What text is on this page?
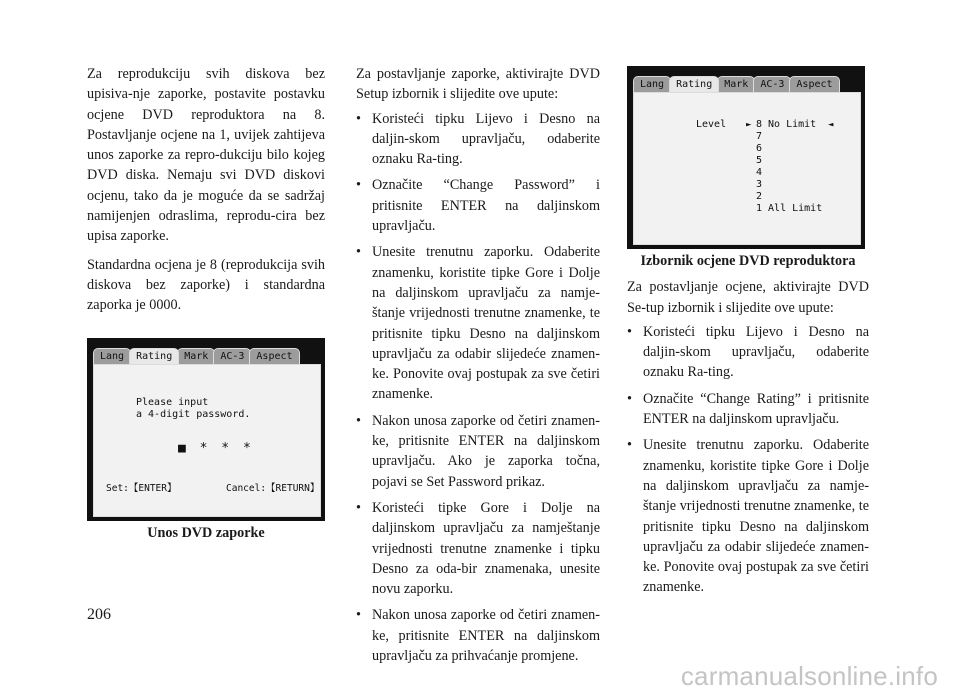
Za reprodukciju svih diskova bez upisiva-nje zaporke, postavite postavku ocjene DVD reproduktora na 8. Postavljanje ocjene na 1, uvijek zahtijeva unos zaporke za repro-dukciju bilo kojeg DVD diska. Nemaju svi DVD diskovi ocjenu, tako da je moguće da se sadržaj namijenjen odraslima, reprodu-cira bez upisa zaporke.

Standardna ocjena je 8 (reprodukcija svih diskova bez zaporke) i standardna zaporka je 0000.

Lang	Rating	Mark	AC-3	Aspect
Please input
a 4-digit password.
■ * * *
Set:【ENTER】	Cancel:【RETURN】
Unos DVD zaporke

Za postavljanje zaporke, aktivirajte DVD Setup izbornik i slijedite ove upute:

• Koristeći tipku Lijevo i Desno na daljin-skom upravljaču, odaberite oznaku Ra-ting.
• Označite “Change Password” i pritisnite ENTER na daljinskom upravljaču.
• Unesite trenutnu zaporku. Odaberite znamenku, koristite tipke Gore i Dolje na daljinskom upravljaču za namje-štanje vrijednosti trenutne znamenke, te pritisnite tipku Desno na daljinskom upravljaču za odabir slijedeće znamen-ke. Ponovite ovaj postupak za sve četiri znamenke.
• Nakon unosa zaporke od četiri znamen-ke, pritisnite ENTER na daljinskom upravljaču. Ako je zaporka točna, pojavi se Set Password prikaz.
• Koristeći tipke Gore i Dolje na daljinskom upravljaču za namještanje vrijednosti trenutne znamenke i tipku Desno za oda-bir znamenaka, unesite novu zaporku.
• Nakon unosa zaporke od četiri znamen-ke, pritisnite ENTER na daljinskom upravljaču za prihvaćanje promjene.
Lang	Rating	Mark	AC-3	Aspect
Level ► 8 No Limit ◄
7
6
5
4
3
2
1 All Limit
Izbornik ocjene DVD reproduktora

Za postavljanje ocjene, aktivirajte DVD Se-tup izbornik i slijedite ove upute:

• Koristeći tipku Lijevo i Desno na daljin-skom upravljaču, odaberite oznaku Ra-ting.
• Označite “Change Rating” i pritisnite ENTER na daljinskom upravljaču.
• Unesite trenutnu zaporku. Odaberite znamenku, koristite tipke Gore i Dolje na daljinskom upravljaču za namje-štanje vrijednosti trenutne znamenke, te pritisnite tipku Desno na daljinskom upravljaču za odabir slijedeće znamen-ke. Ponovite ovaj postupak za sve četiri znamenke.
206
carmanualsonline.info
